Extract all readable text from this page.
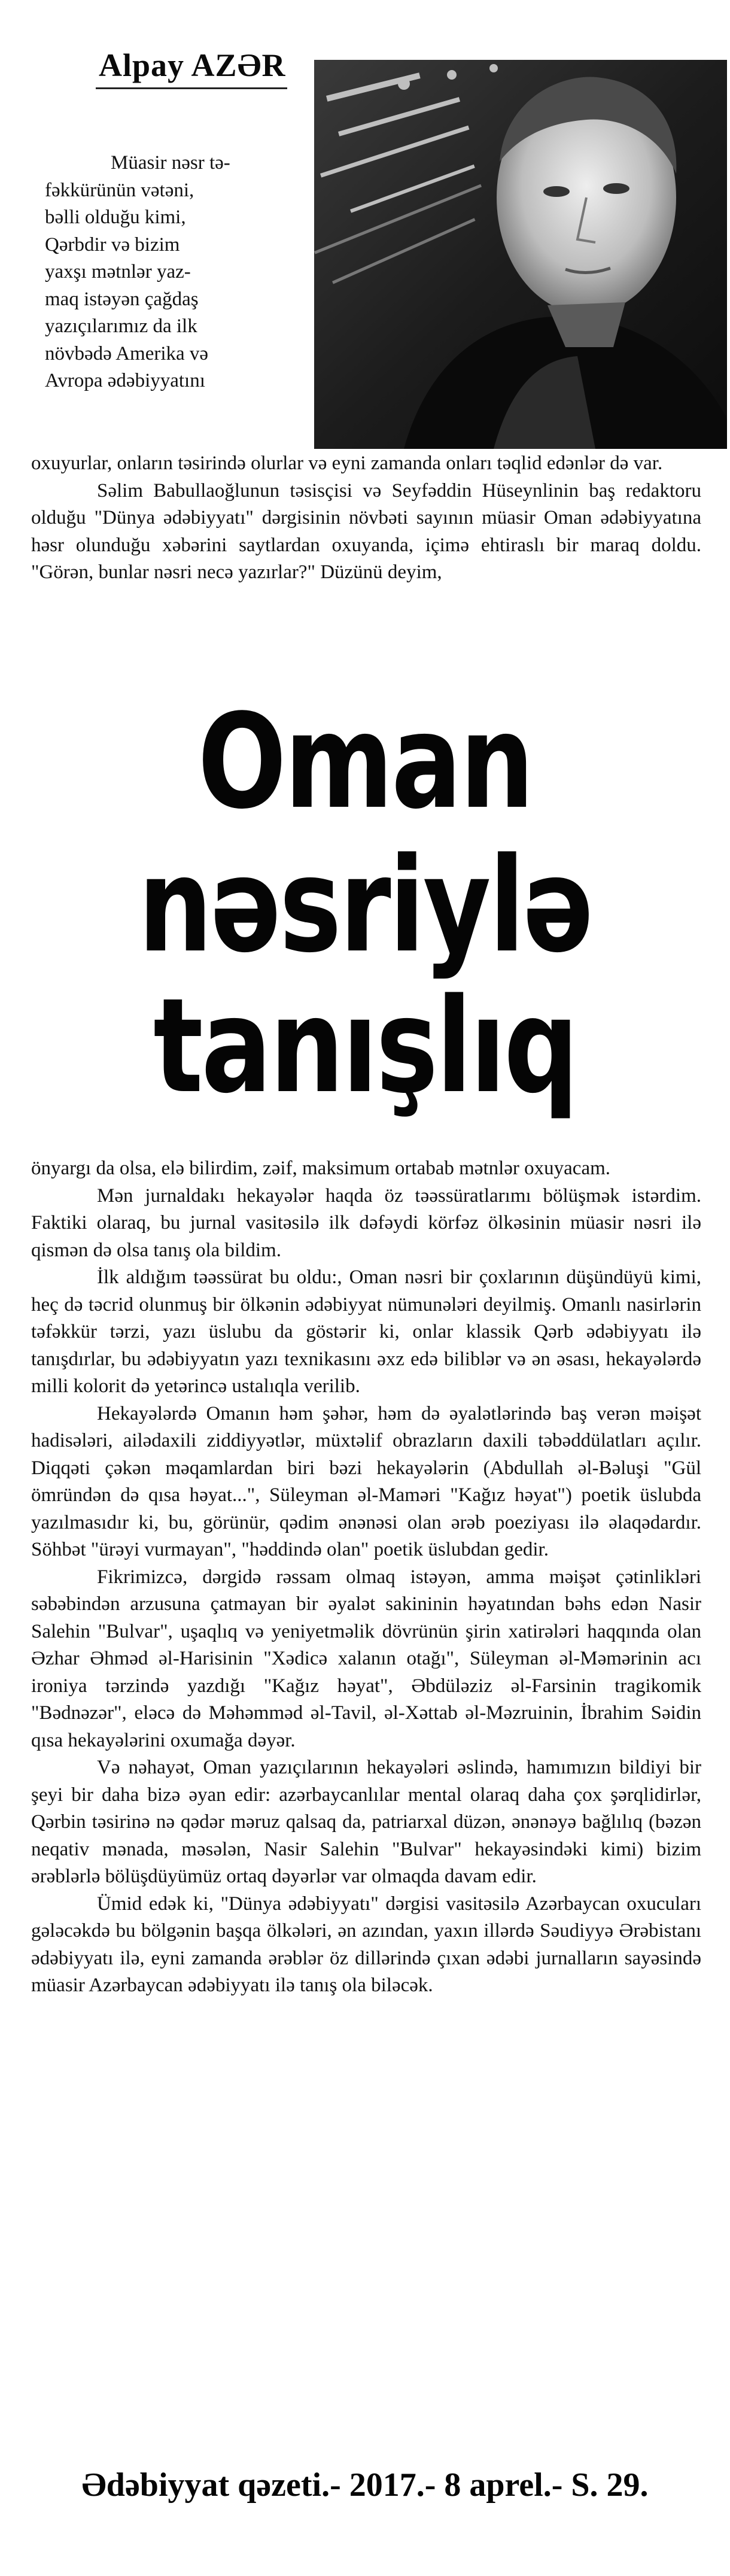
Alpay AZƏR
Müasir nəsr tə-
fəkkürünün vətəni,
bəlli olduğu kimi,
Qərbdir və bizim
yaxşı mətnlər yaz-
maq istəyən çağdaş
yazıçılarımız da ilk
növbədə Amerika və
Avropa ədəbiyyatını

oxuyurlar, onların təsirində olurlar və eyni zamanda onları təqlid edənlər də var.

Səlim Babullaoğlunun təsisçisi və Seyfəddin Hüseynlinin baş redaktoru olduğu "Dünya ədəbiyyatı" dərgisinin növbəti sayının müasir Oman ədəbiyyatına həsr olunduğu xəbərini saytlardan oxuyanda, içimə ehtiraslı bir maraq doldu. "Görən, bunlar nəsri necə yazırlar?" Düzünü deyim,

Oman
nəsriylə
tanışlıq

önyargı da olsa, elə bilirdim, zəif, maksimum ortabab mətnlər oxuyacam.

Mən jurnaldakı hekayələr haqda öz təəssüratlarımı bölüşmək istərdim. Faktiki olaraq, bu jurnal vasitəsilə ilk dəfəydi körfəz ölkəsinin müasir nəsri ilə qismən də olsa tanış ola bildim.

İlk aldığım təəssürat bu oldu:, Oman nəsri bir çoxlarının düşündüyü kimi, heç də təcrid olunmuş bir ölkənin ədəbiyyat nümunələri deyilmiş. Omanlı nasirlərin təfəkkür tərzi, yazı üslubu da göstərir ki, onlar klassik Qərb ədəbiyyatı ilə tanışdırlar, bu ədəbiyyatın yazı texnikasını əxz edə biliblər və ən əsası, hekayələrdə milli kolorit də yetərincə ustalıqla verilib.

Hekayələrdə Omanın həm şəhər, həm də əyalətlərində baş verən məişət hadisələri, ailədaxili ziddiyyətlər, müxtəlif obrazların daxili təbəddülatları açılır. Diqqəti çəkən məqamlardan biri bəzi hekayələrin (Abdullah əl-Bəluşi "Gül ömründən də qısa həyat...", Süleyman əl-Maməri "Kağız həyat") poetik üslubda yazılmasıdır ki, bu, görünür, qədim ənənəsi olan ərəb poeziyası ilə əlaqədardır. Söhbət "ürəyi vurmayan", "həddində olan" poetik üslubdan gedir.

Fikrimizcə, dərgidə rəssam olmaq istəyən, amma məişət çətinlikləri səbəbindən arzusuna çatmayan bir əyalət sakininin həyatından bəhs edən Nasir Salehin "Bulvar", uşaqlıq və yeniyetməlik dövrünün şirin xatirələri haqqında olan Əzhar Əhməd əl-Harisinin "Xədicə xalanın otağı", Süleyman əl-Məmərinin acı ironiya tərzində yazdığı "Kağız həyat", Əbdüləziz əl-Farsinin tragikomik "Bədnəzər", eləcə də Məhəmməd əl-Tavil, əl-Xəttab əl-Məzruinin, İbrahim Səidin qısa hekayələrini oxumağa dəyər.

Və nəhayət, Oman yazıçılarının hekayələri əslində, hamımızın bildiyi bir şeyi bir daha bizə əyan edir: azərbaycanlılar mental olaraq daha çox şərqlidirlər, Qərbin təsirinə nə qədər məruz qalsaq da, patriarxal düzən, ənənəyə bağlılıq (bəzən neqativ mənada, məsələn, Nasir Salehin "Bulvar" hekayəsindəki kimi) bizim ərəblərlə bölüşdüyümüz ortaq dəyərlər var olmaqda davam edir.

Ümid edək ki, "Dünya ədəbiyyatı" dərgisi vasitəsilə Azərbaycan oxucuları gələcəkdə bu bölgənin başqa ölkələri, ən azından, yaxın illərdə Səudiyyə Ərəbistanı ədəbiyyatı ilə, eyni zamanda ərəblər öz dillərində çıxan ədəbi jurnalların sayəsində müasir Azərbaycan ədəbiyyatı ilə tanış ola biləcək.

Ədəbiyyat qəzeti.- 2017.- 8 aprel.- S. 29.
